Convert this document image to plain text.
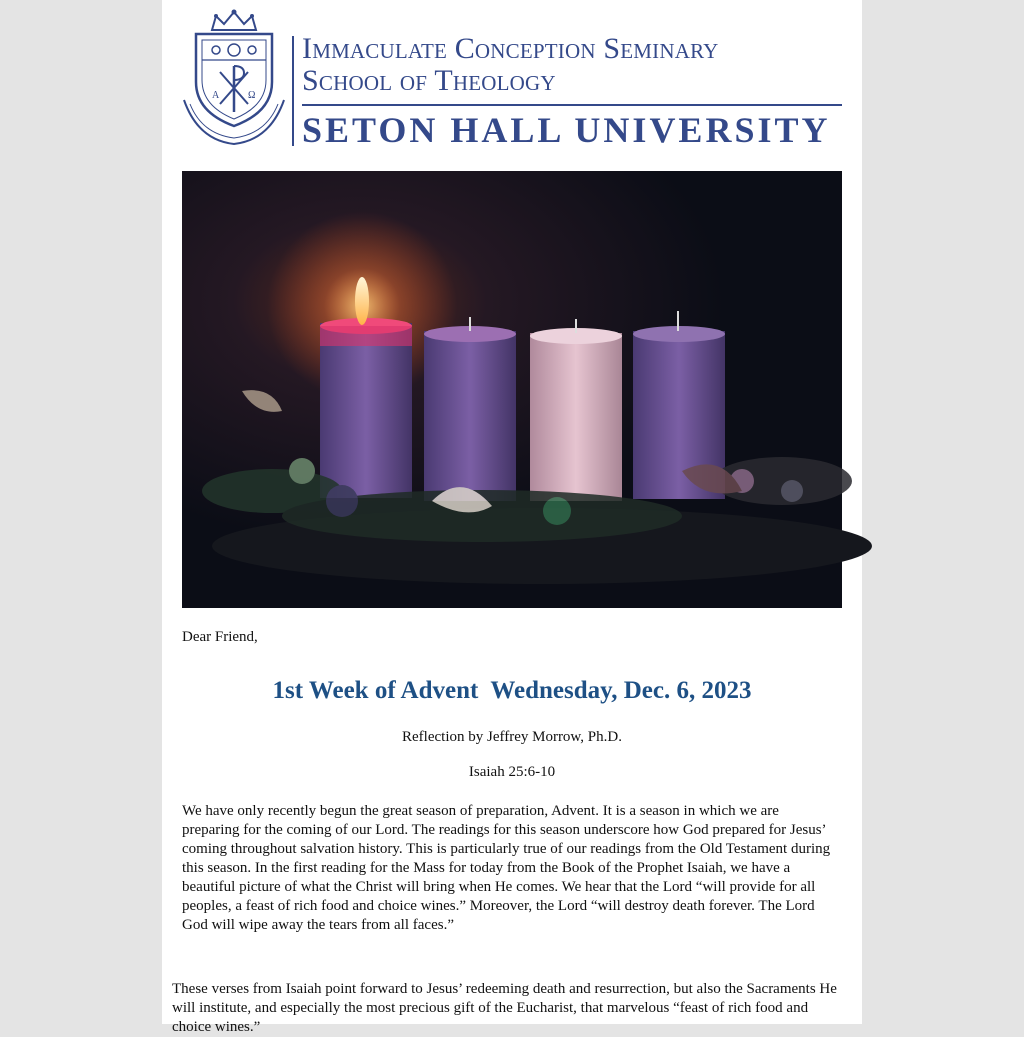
A	Ω
Immaculate Conception Seminary
School of Theology
SETON HALL UNIVERSITY
Dear Friend,
1st Week of Advent  Wednesday, Dec. 6, 2023
Reflection by Jeffrey Morrow, Ph.D.
Isaiah 25:6-10

We have only recently begun the great season of preparation, Advent. It is a season in which we are preparing for the coming of our Lord. The readings for this season underscore how God prepared for Jesus’ coming throughout salvation history. This is particularly true of our readings from the Old Testament during this season. In the first reading for the Mass for today from the Book of the Prophet Isaiah, we have a beautiful picture of what the Christ will bring when He comes. We hear that the Lord “will provide for all peoples, a feast of rich food and choice wines.” Moreover, the Lord “will destroy death forever. The Lord God will wipe away the tears from all faces.”

These verses from Isaiah point forward to Jesus’ redeeming death and resurrection, but also the Sacraments He will institute, and especially the most precious gift of the Eucharist, that marvelous “feast of rich food and choice wines.”
